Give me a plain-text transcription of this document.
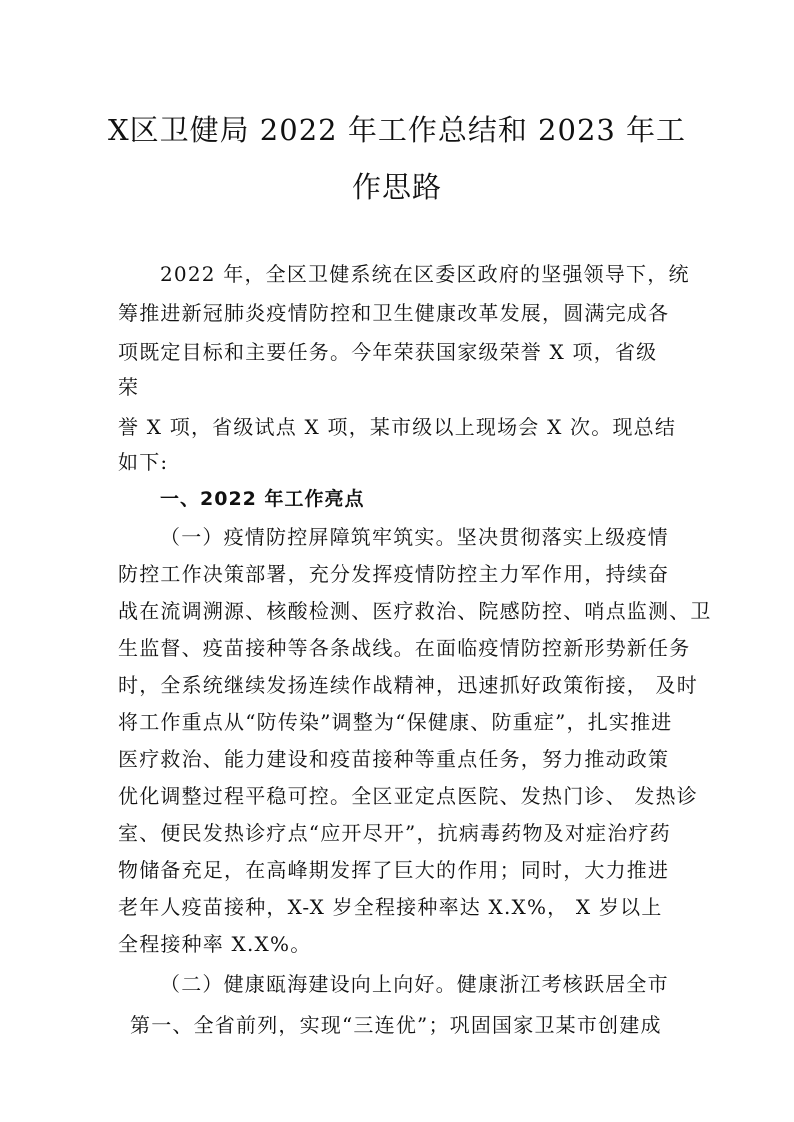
X区卫健局 2022 年工作总结和 2023 年工
作思路

2022 年，全区卫健系统在区委区政府的坚强领导下，统

筹推进新冠肺炎疫情防控和卫生健康改革发展，圆满完成各

项既定目标和主要任务。今年荣获国家级荣誉 X 项，省级

荣

誉 X 项，省级试点 X 项，某市级以上现场会 X 次。现总结

如下:

一、2022 年工作亮点

（一）疫情防控屏障筑牢筑实。坚决贯彻落实上级疫情

防控工作决策部署，充分发挥疫情防控主力军作用，持续奋

战在流调溯源、核酸检测、医疗救治、院感防控、哨点监测、卫

生监督、疫苗接种等各条战线。在面临疫情防控新形势新任务

时，全系统继续发扬连续作战精神，迅速抓好政策衔接， 及时

将工作重点从“防传染”调整为“保健康、防重症”，扎实推进

医疗救治、能力建设和疫苗接种等重点任务，努力推动政策

优化调整过程平稳可控。全区亚定点医院、发热门诊、 发热诊

室、便民发热诊疗点“应开尽开”，抗病毒药物及对症治疗药

物储备充足，在高峰期发挥了巨大的作用；同时，大力推进

老年人疫苗接种，X-X 岁全程接种率达 X.X%， X 岁以上

全程接种率 X.X%。

（二）健康瓯海建设向上向好。健康浙江考核跃居全市

第一、全省前列，实现“三连优”；巩固国家卫某市创建成
